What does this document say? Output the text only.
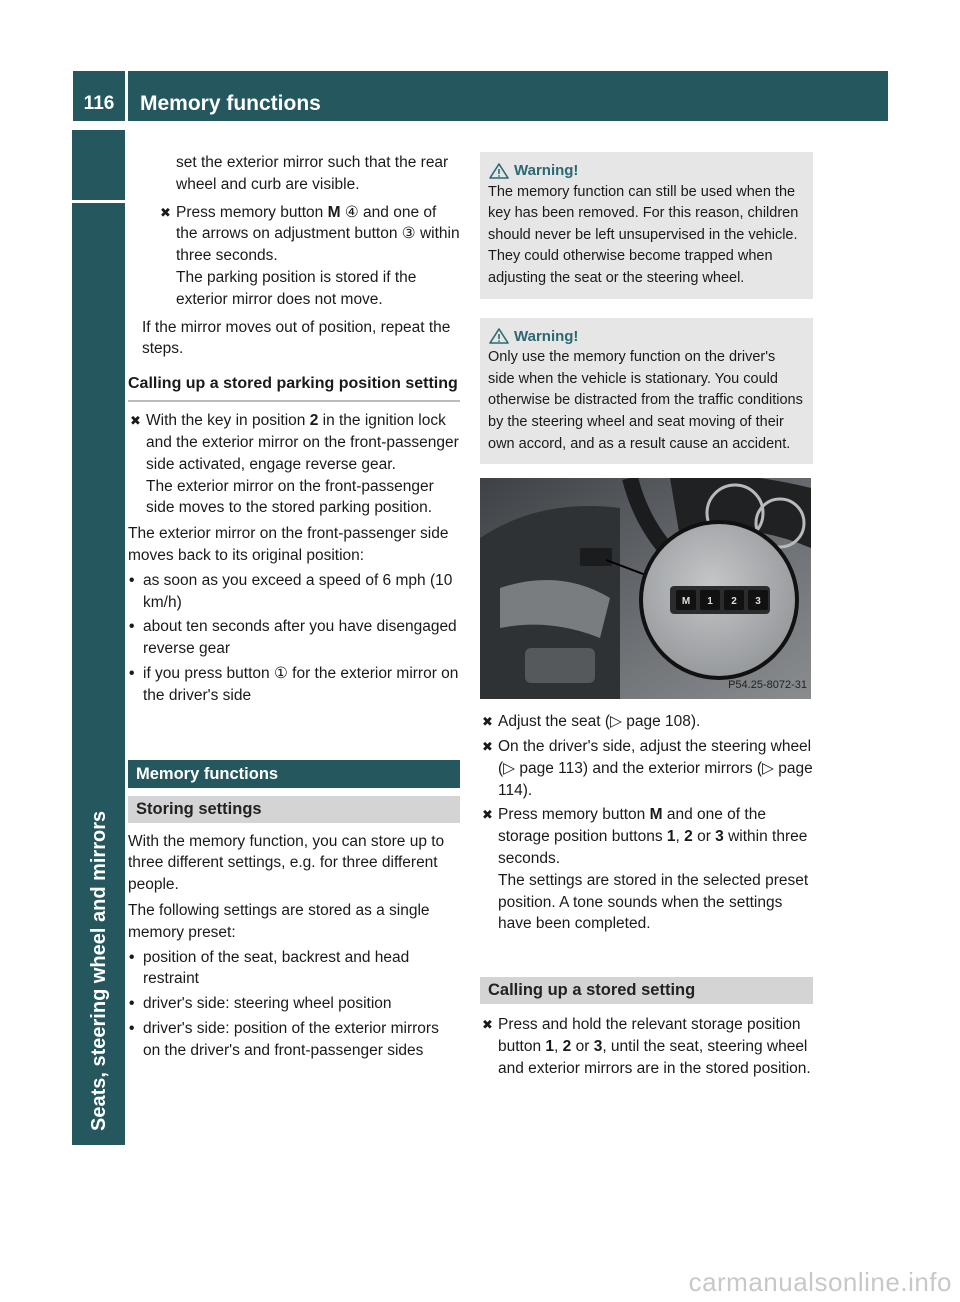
116	Memory functions
Seats, steering wheel and mirrors

set the exterior mirror such that the rear wheel and curb are visible.

✖ Press memory button M ④ and one of the arrows on adjustment button ③ within three seconds.
The parking position is stored if the exterior mirror does not move.

If the mirror moves out of position, repeat the steps.

Calling up a stored parking position setting
✖ With the key in position 2 in the ignition lock and the exterior mirror on the front-passenger side activated, engage reverse gear.
The exterior mirror on the front-passenger side moves to the stored parking position.

The exterior mirror on the front-passenger side moves back to its original position:

• as soon as you exceed a speed of 6 mph (10 km/h)
• about ten seconds after you have disengaged reverse gear
• if you press button ① for the exterior mirror on the driver's side
Memory functions
Storing settings

With the memory function, you can store up to three different settings, e.g. for three different people.

The following settings are stored as a single memory preset:

• position of the seat, backrest and head restraint
• driver's side: steering wheel position
• driver's side: position of the exterior mirrors on the driver's and front-passenger sides
Warning!

The memory function can still be used when the key has been removed. For this reason, children should never be left unsupervised in the vehicle. They could otherwise become trapped when adjusting the seat or the steering wheel.

Warning!

Only use the memory function on the driver's side when the vehicle is stationary. You could otherwise be distracted from the traffic conditions by the steering wheel and seat moving of their own accord, and as a result cause an accident.

M 1 2 3
P54.25-8072-31
✖ Adjust the seat (▷ page 108).
✖ On the driver's side, adjust the steering wheel (▷ page 113) and the exterior mirrors (▷ page 114).
✖ Press memory button M and one of the storage position buttons 1, 2 or 3 within three seconds.
The settings are stored in the selected preset position. A tone sounds when the settings have been completed.
Calling up a stored setting
✖ Press and hold the relevant storage position button 1, 2 or 3, until the seat, steering wheel and exterior mirrors are in the stored position.
carmanualsonline.info
